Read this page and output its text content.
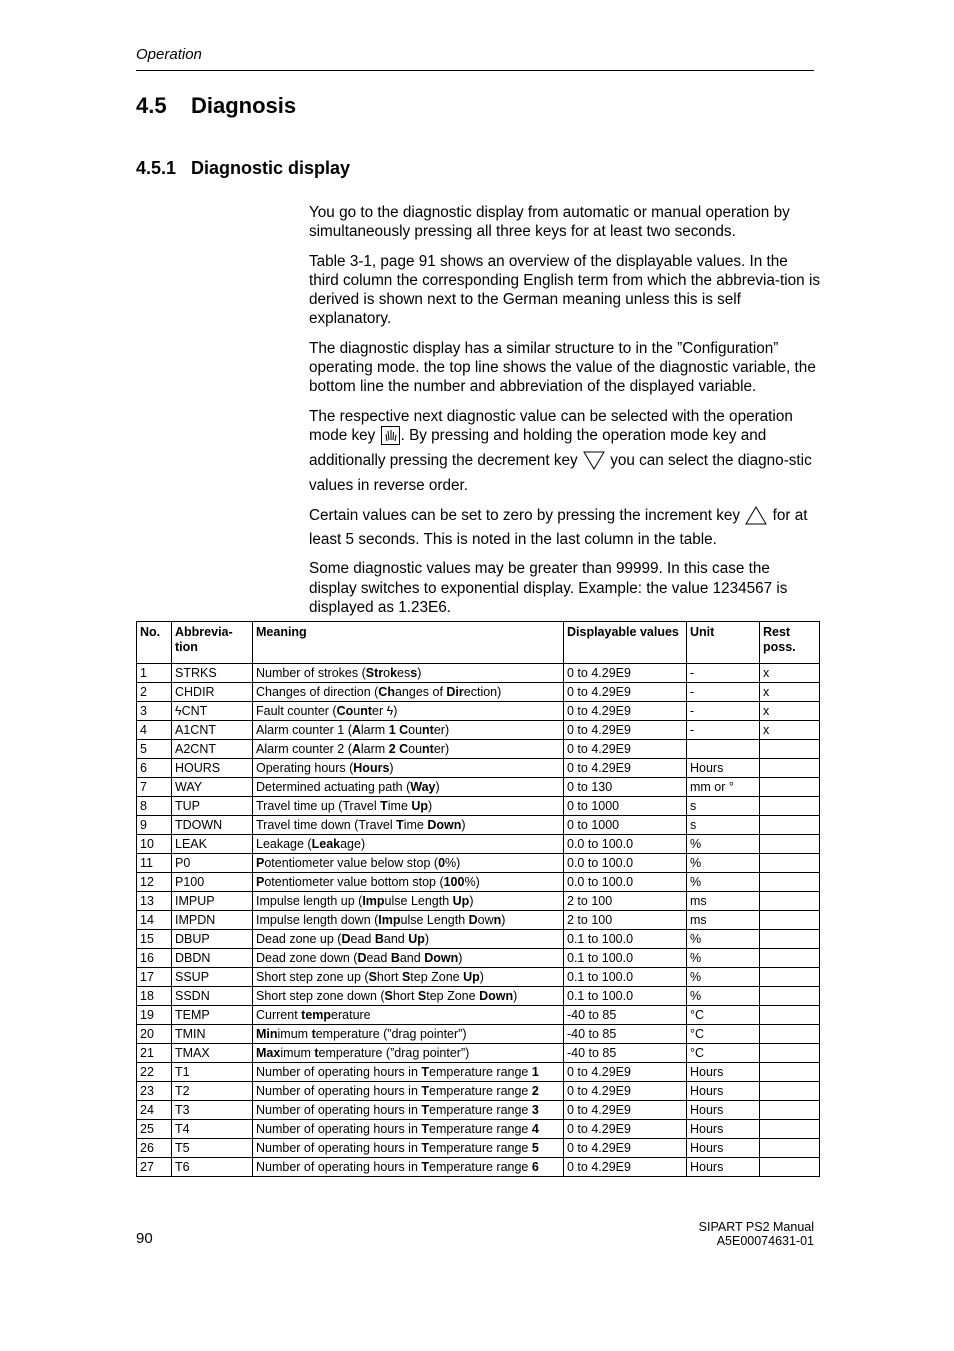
Operation
4.5 Diagnosis
4.5.1 Diagnostic display

You go to the diagnostic display from automatic or manual operation by simultaneously pressing all three keys for at least two seconds.

Table 3-1, page 91 shows an overview of the displayable values. In the third column the corresponding English term from which the abbrevia-tion is derived is shown next to the German meaning unless this is self explanatory.

The diagnostic display has a similar structure to in the ”Configuration” operating mode. the top line shows the value of the diagnostic variable, the bottom line the number and abbreviation of the displayed variable.

The respective next diagnostic value can be selected with the operation mode key . By pressing and holding the operation mode key and additionally pressing the decrement key you can select the diagno-stic values in reverse order.

Certain values can be set to zero by pressing the increment key for at least 5 seconds. This is noted in the last column in the table.

Some diagnostic values may be greater than 99999. In this case the display switches to exponential display. Example: the value 1234567 is displayed as 1.23E6.

No.	Abbrevia-tion	Meaning	Displayable values	Unit	Rest poss.
1	STRKS	Number of strokes (Strokess)	0 to 4.29E9	-	x
2	CHDIR	Changes of direction (Changes of Direction)	0 to 4.29E9	-	x
3	ϟCNT	Fault counter (Counter ϟ)	0 to 4.29E9	-	x
4	A1CNT	Alarm counter 1 (Alarm 1 Counter)	0 to 4.29E9	-	x
5	A2CNT	Alarm counter 2 (Alarm 2 Counter)	0 to 4.29E9		
6	HOURS	Operating hours (Hours)	0 to 4.29E9	Hours	
7	WAY	Determined actuating path (Way)	0 to 130	mm or °	
8	TUP	Travel time up (Travel Time Up)	0 to 1000	s	
9	TDOWN	Travel time down (Travel Time Down)	0 to 1000	s	
10	LEAK	Leakage (Leakage)	0.0 to 100.0	%	
11	P0	Potentiometer value below stop (0%)	0.0 to 100.0	%	
12	P100	Potentiometer value bottom stop (100%)	0.0 to 100.0	%	
13	IMPUP	Impulse length up (Impulse Length Up)	2 to 100	ms	
14	IMPDN	Impulse length down (Impulse Length Down)	2 to 100	ms	
15	DBUP	Dead zone up (Dead Band Up)	0.1 to 100.0	%	
16	DBDN	Dead zone down (Dead Band Down)	0.1 to 100.0	%	
17	SSUP	Short step zone up (Short Step Zone Up)	0.1 to 100.0	%	
18	SSDN	Short step zone down (Short Step Zone Down)	0.1 to 100.0	%	
19	TEMP	Current temperature	-40 to 85	°C	
20	TMIN	Minimum temperature (”drag pointer”)	-40 to 85	°C	
21	TMAX	Maximum temperature (”drag pointer”)	-40 to 85	°C	
22	T1	Number of operating hours in Temperature range 1	0 to 4.29E9	Hours	
23	T2	Number of operating hours in Temperature range 2	0 to 4.29E9	Hours	
24	T3	Number of operating hours in Temperature range 3	0 to 4.29E9	Hours	
25	T4	Number of operating hours in Temperature range 4	0 to 4.29E9	Hours	
26	T5	Number of operating hours in Temperature range 5	0 to 4.29E9	Hours	
27	T6	Number of operating hours in Temperature range 6	0 to 4.29E9	Hours	
90
SIPART PS2 Manual
A5E00074631-01
